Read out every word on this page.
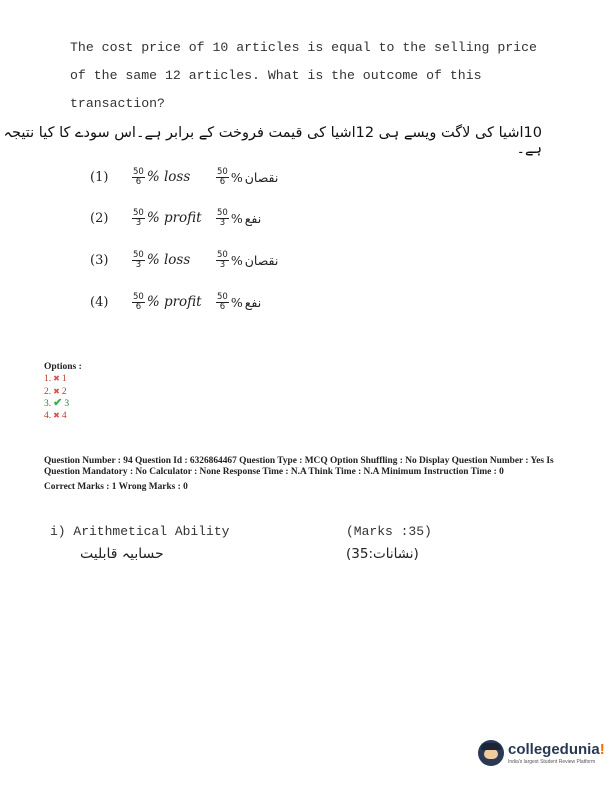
The cost price of 10 articles is equal to the selling price of the same 12 articles. What is the outcome of this transaction?
10اشیا کی لاگت ویسے ہی 12اشیا کی قیمت فروخت کے برابر ہے۔اس سودے کا کیا نتیجہ ہے۔
(1)	$\frac{50}{6}$ % loss	$\frac{50}{6}$ % نقصان
(2)	$\frac{50}{3}$ % profit $\frac{50}{3}$ % نفع
(3)	$\frac{50}{3}$ % loss	$\frac{50}{3}$ % نقصان
(4)	$\frac{50}{6}$ % profit $\frac{50}{6}$ % نفع
Options :
1. ✖ 1
2. ✖ 2
3. ✔ 3
4. ✖ 4

Question Number : 94 Question Id : 6326864467 Question Type : MCQ Option Shuffling : No Display Question Number : Yes Is Question Mandatory : No Calculator : None Response Time : N.A Think Time : N.A Minimum Instruction Time : 0

Correct Marks : 1 Wrong Marks : 0

i) Arithmetical Ability
حسابیہ قابلیت
(Marks :35)
(نشانات:35)
collegedunia!
India's largest Student Review Platform
